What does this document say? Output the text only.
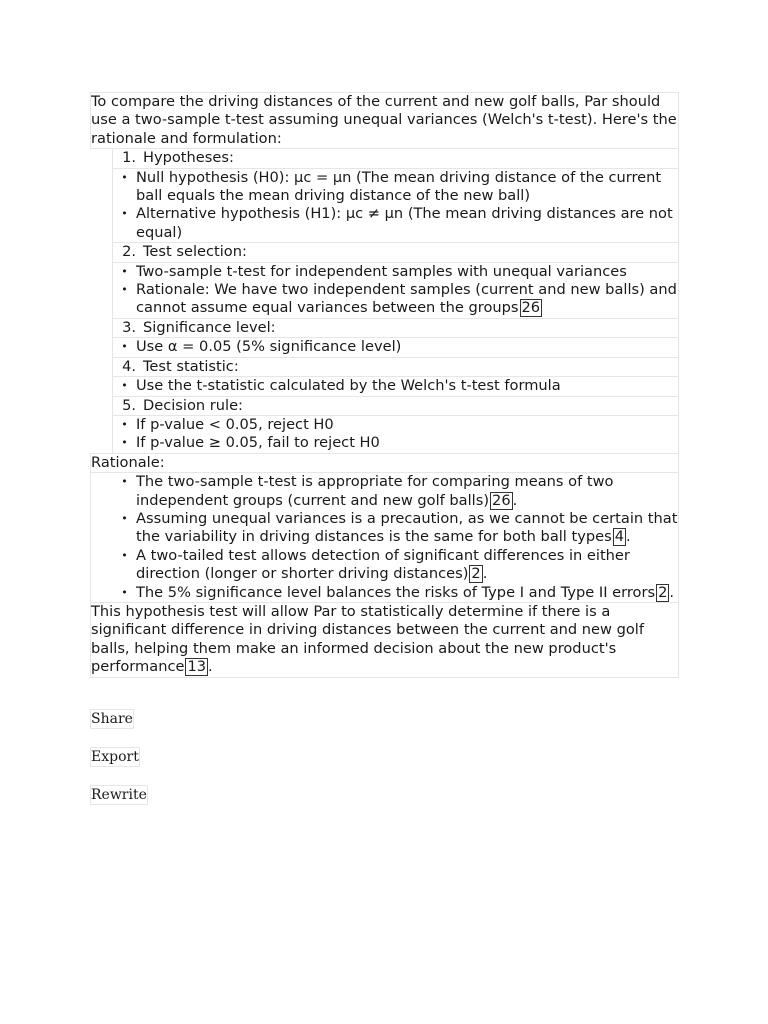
To compare the driving distances of the current and new golf balls, Par should use a two-sample t-test assuming unequal variances (Welch's t-test). Here's the rationale and formulation:
1. Hypotheses:
• Null hypothesis (H0): μc = μn (The mean driving distance of the current ball equals the mean driving distance of the new ball)
• Alternative hypothesis (H1): μc ≠ μn (The mean driving distances are not equal)
2. Test selection:
• Two-sample t-test for independent samples with unequal variances
• Rationale: We have two independent samples (current and new balls) and cannot assume equal variances between the groups 26
3. Significance level:
• Use α = 0.05 (5% significance level)
4. Test statistic:
• Use the t-statistic calculated by the Welch's t-test formula
5. Decision rule:
• If p-value < 0.05, reject H0
• If p-value ≥ 0.05, fail to reject H0
Rationale:
• The two-sample t-test is appropriate for comparing means of two independent groups (current and new golf balls) 26 .
• Assuming unequal variances is a precaution, as we cannot be certain that the variability in driving distances is the same for both ball types 4 .
• A two-tailed test allows detection of significant differences in either direction (longer or shorter driving distances) 2 .
• The 5% significance level balances the risks of Type I and Type II errors 2 .
This hypothesis test will allow Par to statistically determine if there is a significant difference in driving distances between the current and new golf balls, helping them make an informed decision about the new product's performance 13 .
Share
Export
Rewrite
